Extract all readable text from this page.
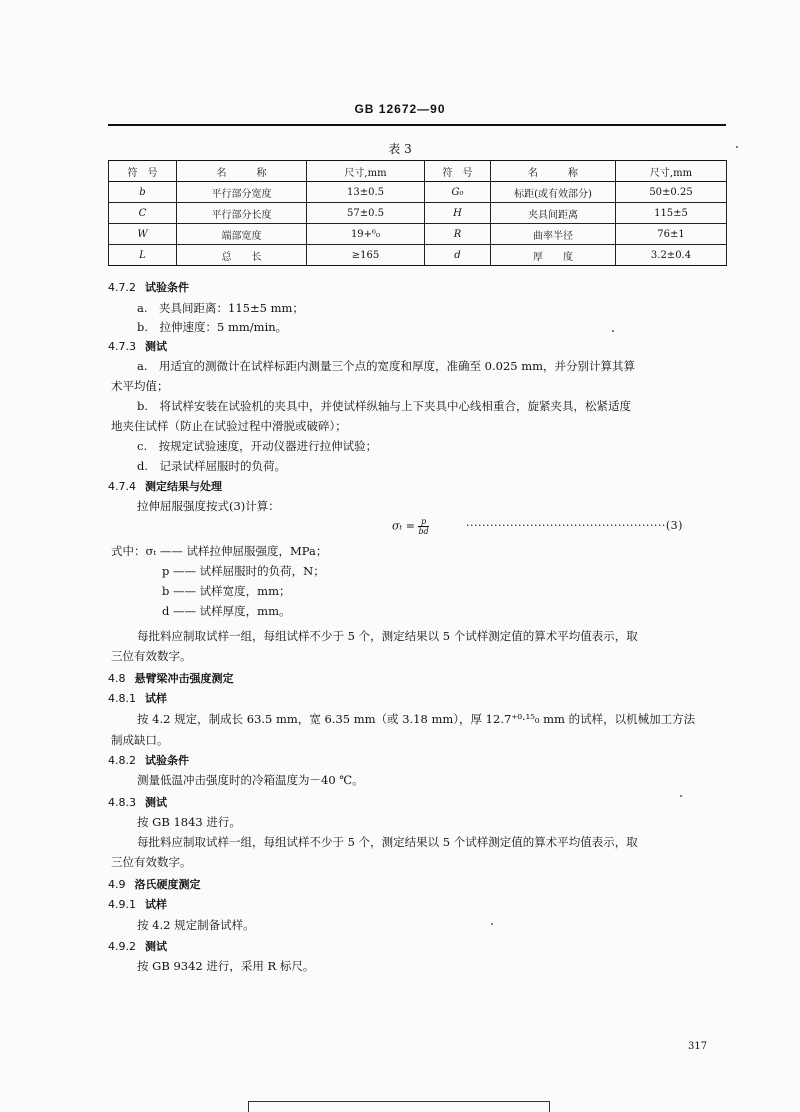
GB 12672—90
表 3
符　号	名　　　称	尺寸,mm	符　号	名　　　称	尺寸,mm
b	平行部分宽度	13±0.5	G₀	标距(或有效部分)	50±0.25
C	平行部分长度	57±0.5	H	夹具间距离	115±5
W	端部宽度	19+⁶₀	R	曲率半径	76±1
L	总　　长	≥165	d	厚　　度	3.2±0.4
4.7.2 试验条件
a.　夹具间距离：115±5 mm；
b.　拉伸速度：5 mm/min。
4.7.3 测试
a.　用适宜的测微计在试样标距内测量三个点的宽度和厚度，准确至 0.025 mm，并分别计算其算
术平均值；
b.　将试样安装在试验机的夹具中，并使试样纵轴与上下夹具中心线相重合，旋紧夹具，松紧适度
地夹住试样（防止在试验过程中滑脱或破碎）；
c.　按规定试验速度，开动仪器进行拉伸试验；
d.　记录试样屈服时的负荷。
4.7.4 测定结果与处理
拉伸屈服强度按式(3)计算：
$\sigma_t = \frac{p}{bd}$	··················································(3)
式中：σₜ —— 试样拉伸屈服强度，MPa；
p —— 试样屈服时的负荷，N；
b —— 试样宽度，mm；
d —— 试样厚度，mm。
每批料应制取试样一组，每组试样不少于 5 个，测定结果以 5 个试样测定值的算术平均值表示，取
三位有效数字。
4.8 悬臂梁冲击强度测定
4.8.1 试样
按 4.2 规定，制成长 63.5 mm，宽 6.35 mm（或 3.18 mm），厚 12.7⁺⁰·¹⁵₀ mm 的试样，以机械加工方法
制成缺口。
4.8.2 试验条件
测量低温冲击强度时的冷箱温度为－40 ℃。
4.8.3 测试
按 GB 1843 进行。
每批料应制取试样一组，每组试样不少于 5 个，测定结果以 5 个试样测定值的算术平均值表示，取
三位有效数字。
4.9 洛氏硬度测定
4.9.1 试样
按 4.2 规定制备试样。
4.9.2 测试
按 GB 9342 进行，采用 R 标尺。
317
